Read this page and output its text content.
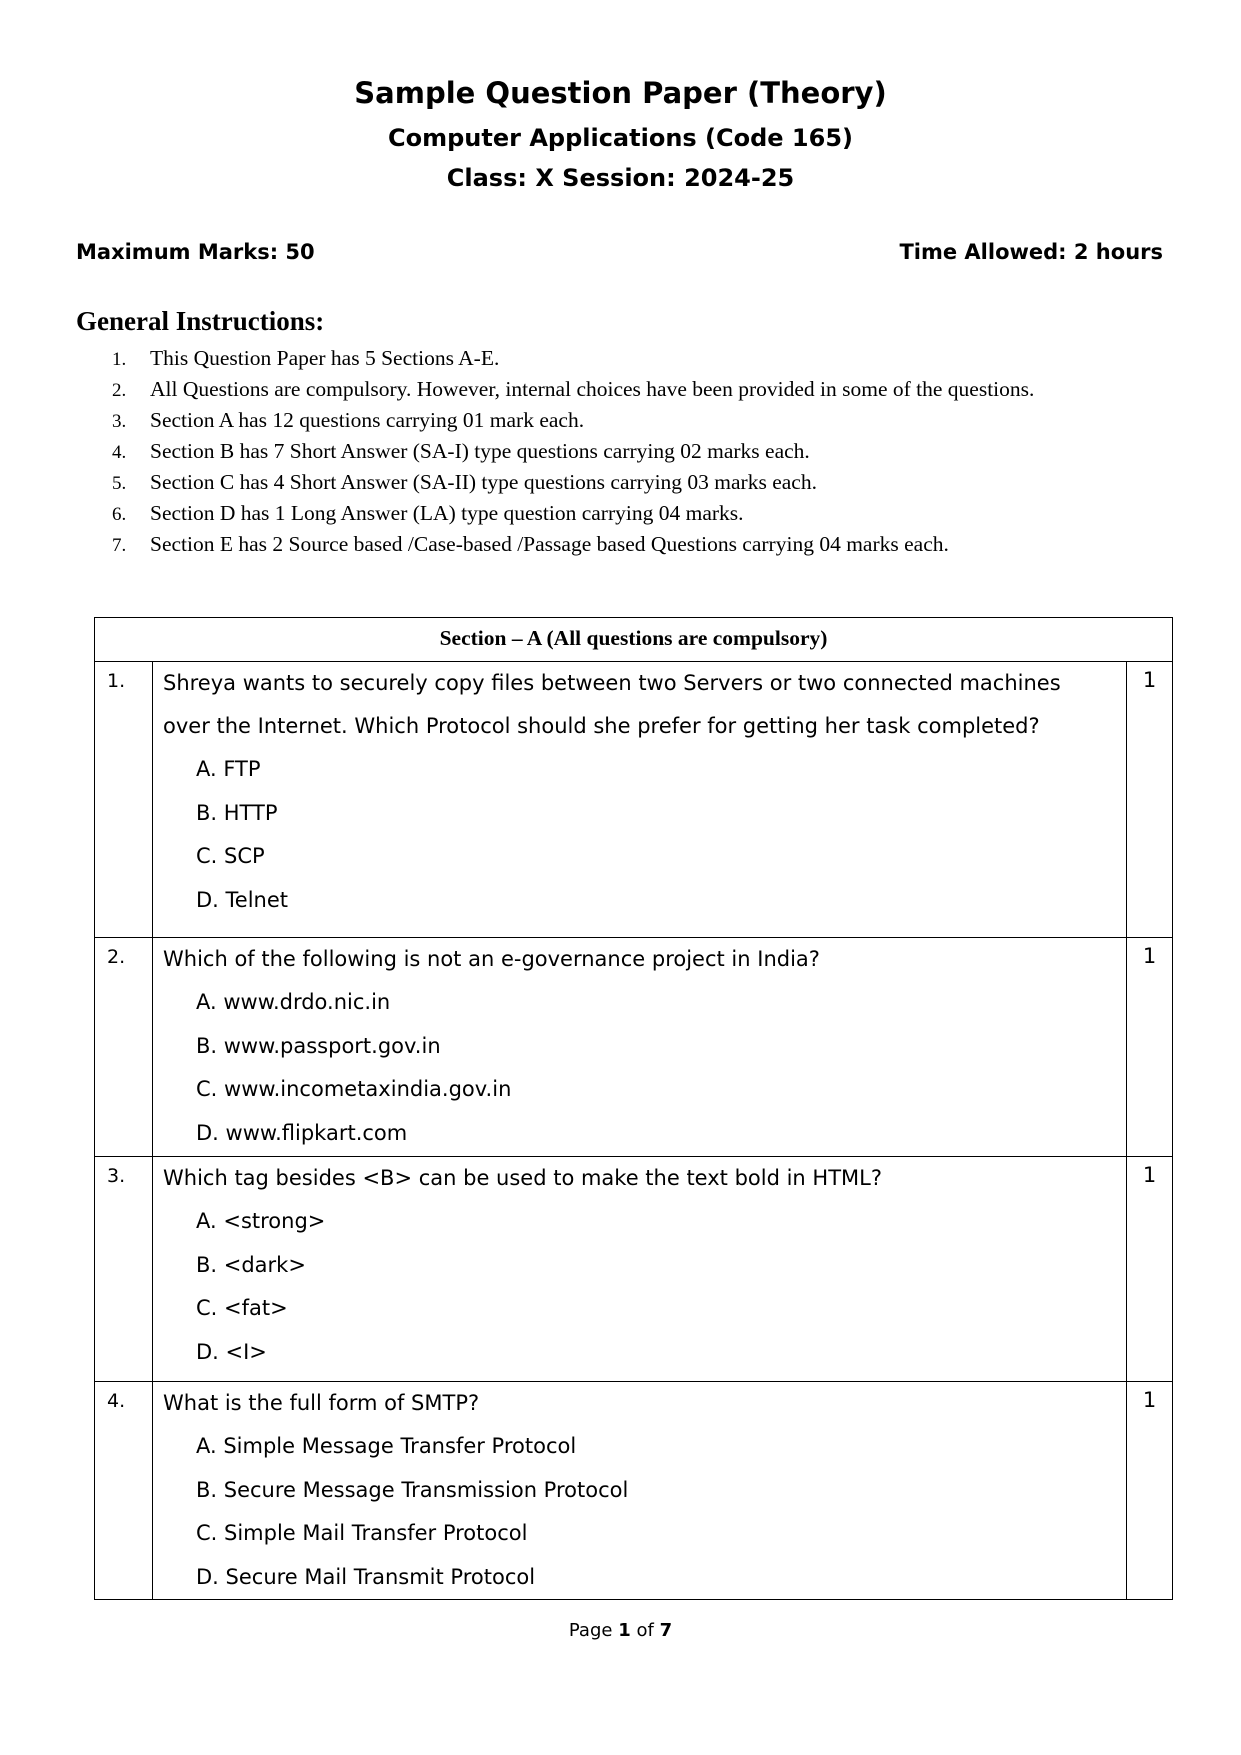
Sample Question Paper (Theory)
Computer Applications (Code 165)
Class: X Session: 2024-25
Maximum Marks: 50	Time Allowed: 2 hours
General Instructions:
1. This Question Paper has 5 Sections A-E.
2. All Questions are compulsory. However, internal choices have been provided in some of the questions.
3. Section A has 12 questions carrying 01 mark each.
4. Section B has 7 Short Answer (SA-I) type questions carrying 02 marks each.
5. Section C has 4 Short Answer (SA-II) type questions carrying 03 marks each.
6. Section D has 1 Long Answer (LA) type question carrying 04 marks.
7. Section E has 2 Source based /Case-based /Passage based Questions carrying 04 marks each.
Section – A (All questions are compulsory)		
1.	Shreya wants to securely copy files between two Servers or two connected machines
over the Internet. Which Protocol should she prefer for getting her task completed?
A. FTP
B. HTTP
C. SCP
D. Telnet
	1
2.	Which of the following is not an e-governance project in India?
A. www.drdo.nic.in
B. www.passport.gov.in
C. www.incometaxindia.gov.in
D. www.flipkart.com	1
3.	Which tag besides <B> can be used to make the text bold in HTML?
A. <strong>
B. <dark>
C. <fat>
D. <I>	1
4.	What is the full form of SMTP?
A. Simple Message Transfer Protocol
B. Secure Message Transmission Protocol
C. Simple Mail Transfer Protocol
D. Secure Mail Transmit Protocol	1
Page 1 of 7
